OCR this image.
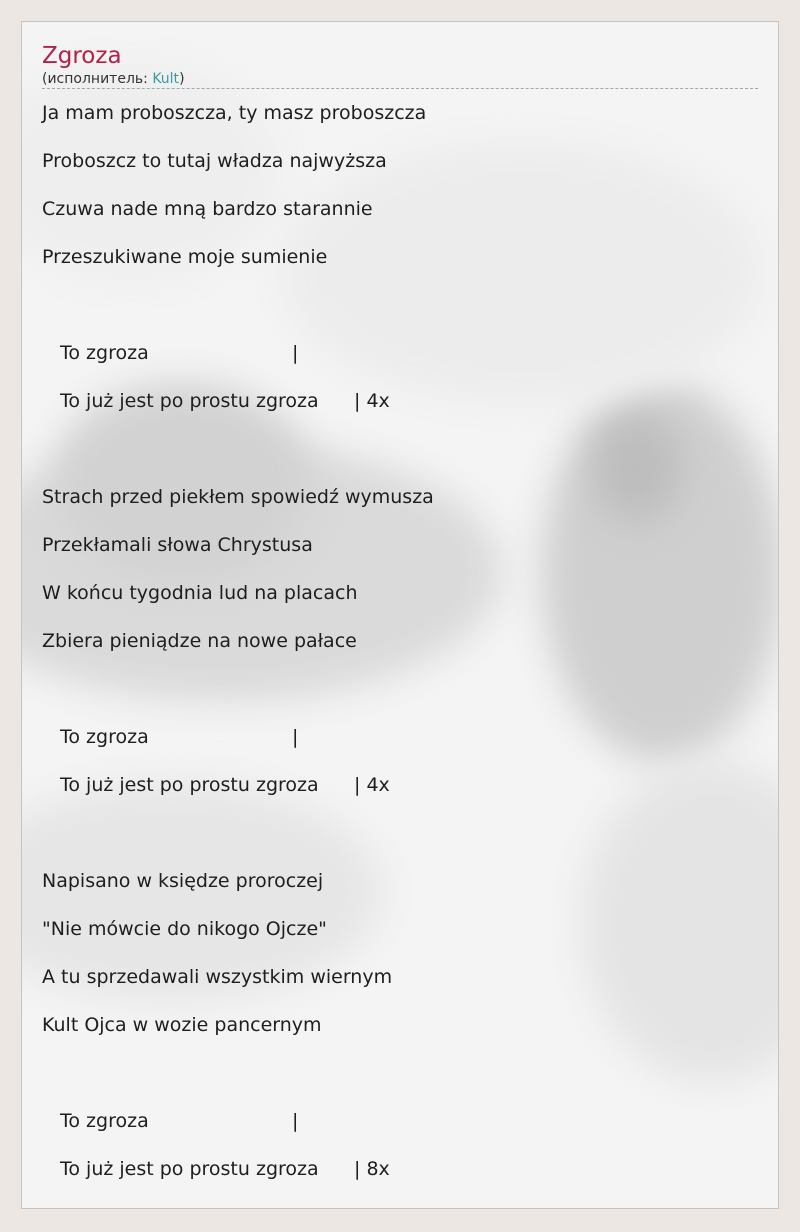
Zgroza
(исполнитель: Kult)
Ja mam proboszcza, ty masz proboszcza
Proboszcz to tutaj władza najwyższa
Czuwa nade mną bardzo starannie
Przeszukiwane moje sumienie
To zgroza	|
To już jest po prostu zgroza | 4x
Strach przed piekłem spowiedź wymusza
Przekłamali słowa Chrystusa
W końcu tygodnia lud na placach
Zbiera pieniądze na nowe pałace
To zgroza	|
To już jest po prostu zgroza | 4x
Napisano w księdze proroczej
"Nie mówcie do nikogo Ojcze"
A tu sprzedawali wszystkim wiernym
Kult Ojca w wozie pancernym
To zgroza	|
To już jest po prostu zgroza | 8x
